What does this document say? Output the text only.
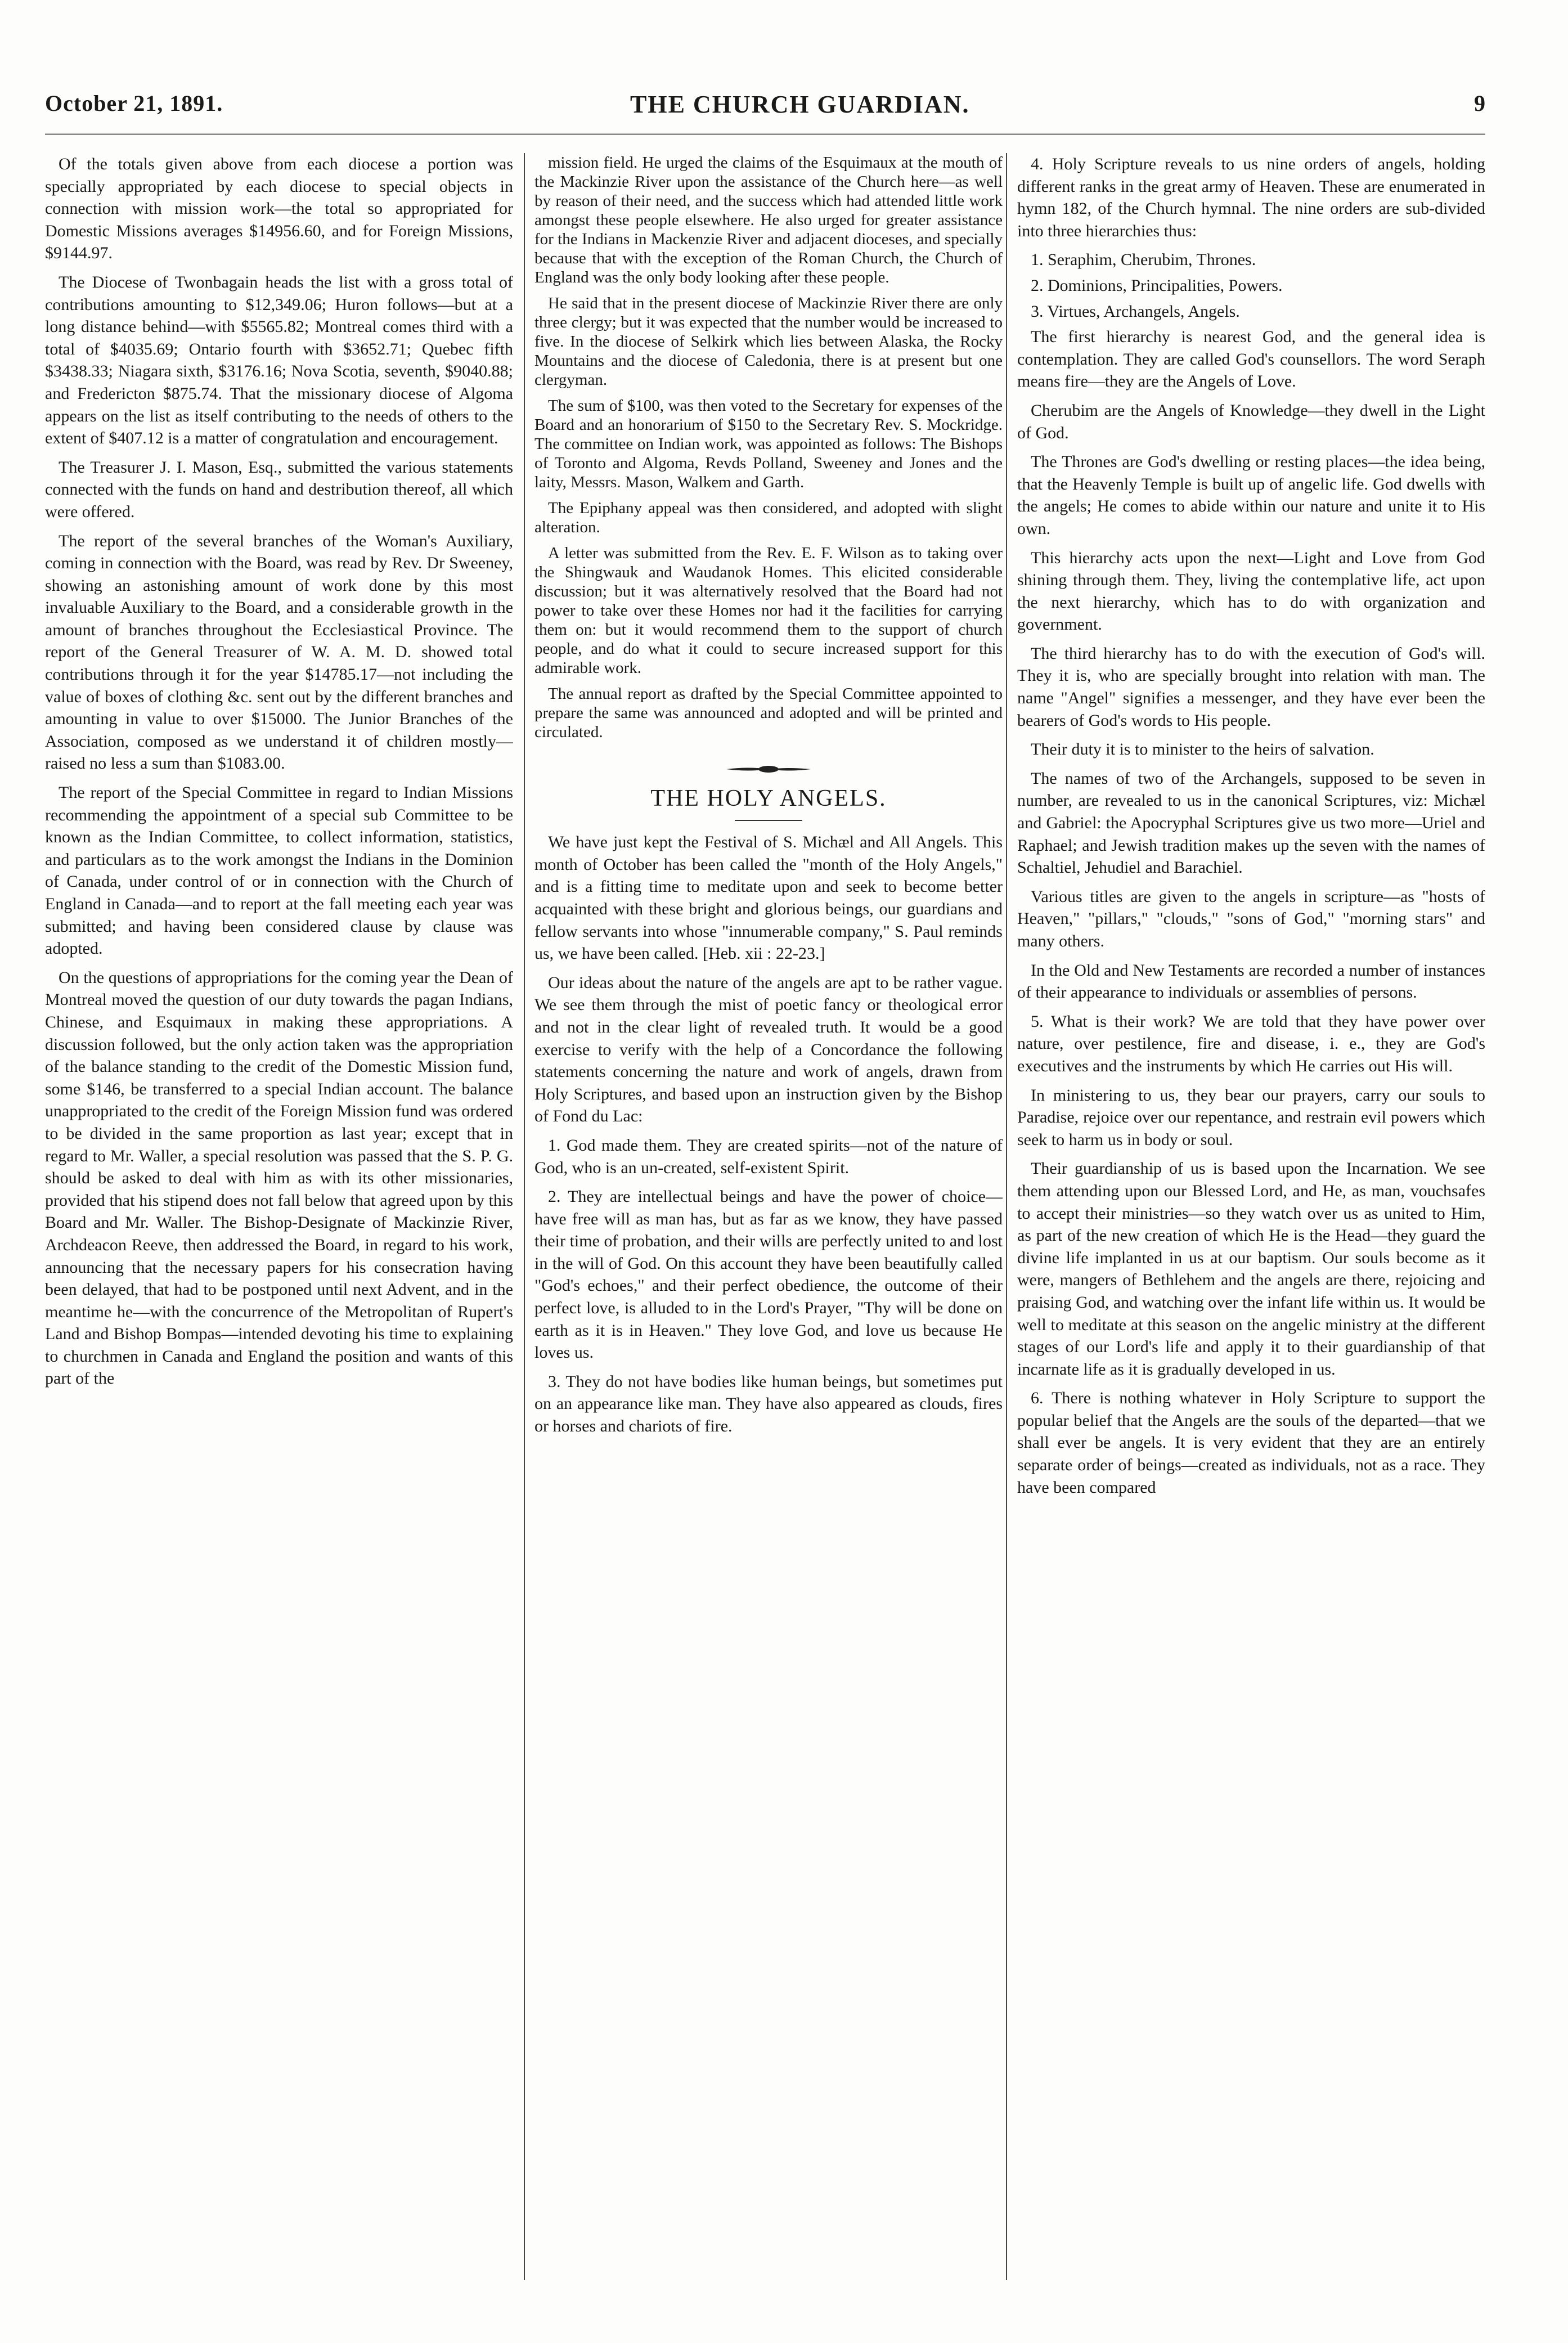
October 21, 1891.	THE CHURCH GUARDIAN.	9

Of the totals given above from each diocese a portion was specially appropriated by each diocese to special objects in connection with mission work—the total so appropriated for Domestic Missions averages $14956.60, and for Foreign Missions, $9144.97.

The Diocese of Twonbagain heads the list with a gross total of contributions amounting to $12,349.06; Huron follows—but at a long distance behind—with $5565.82; Montreal comes third with a total of $4035.69; Ontario fourth with $3652.71; Quebec fifth $3438.33; Niagara sixth, $3176.16; Nova Scotia, seventh, $9040.88; and Fredericton $875.74. That the missionary diocese of Algoma appears on the list as itself contributing to the needs of others to the extent of $407.12 is a matter of congratulation and encouragement.

The Treasurer J. I. Mason, Esq., submitted the various statements connected with the funds on hand and destribution thereof, all which were offered.

The report of the several branches of the Woman's Auxiliary, coming in connection with the Board, was read by Rev. Dr Sweeney, showing an astonishing amount of work done by this most invaluable Auxiliary to the Board, and a considerable growth in the amount of branches throughout the Ecclesiastical Province. The report of the General Treasurer of W. A. M. D. showed total contributions through it for the year $14785.17—not including the value of boxes of clothing &c. sent out by the different branches and amounting in value to over $15000. The Junior Branches of the Association, composed as we understand it of children mostly—raised no less a sum than $1083.00.

The report of the Special Committee in regard to Indian Missions recommending the appointment of a special sub Committee to be known as the Indian Committee, to collect information, statistics, and particulars as to the work amongst the Indians in the Dominion of Canada, under control of or in connection with the Church of England in Canada—and to report at the fall meeting each year was submitted; and having been considered clause by clause was adopted.

On the questions of appropriations for the coming year the Dean of Montreal moved the question of our duty towards the pagan Indians, Chinese, and Esquimaux in making these appropriations. A discussion followed, but the only action taken was the appropriation of the balance standing to the credit of the Domestic Mission fund, some $146, be transferred to a special Indian account. The balance unappropriated to the credit of the Foreign Mission fund was ordered to be divided in the same proportion as last year; except that in regard to Mr. Waller, a special resolution was passed that the S. P. G. should be asked to deal with him as with its other missionaries, provided that his stipend does not fall below that agreed upon by this Board and Mr. Waller. The Bishop-Designate of Mackinzie River, Archdeacon Reeve, then addressed the Board, in regard to his work, announcing that the necessary papers for his consecration having been delayed, that had to be postponed until next Advent, and in the meantime he—with the concurrence of the Metropolitan of Rupert's Land and Bishop Bompas—intended devoting his time to explaining to churchmen in Canada and England the position and wants of this part of the

mission field. He urged the claims of the Esquimaux at the mouth of the Mackinzie River upon the assistance of the Church here—as well by reason of their need, and the success which had attended little work amongst these people elsewhere. He also urged for greater assistance for the Indians in Mackenzie River and adjacent dioceses, and specially because that with the exception of the Roman Church, the Church of England was the only body looking after these people.

He said that in the present diocese of Mackinzie River there are only three clergy; but it was expected that the number would be increased to five. In the diocese of Selkirk which lies between Alaska, the Rocky Mountains and the diocese of Caledonia, there is at present but one clergyman.

The sum of $100, was then voted to the Secretary for expenses of the Board and an honorarium of $150 to the Secretary Rev. S. Mockridge. The committee on Indian work, was appointed as follows: The Bishops of Toronto and Algoma, Revds Polland, Sweeney and Jones and the laity, Messrs. Mason, Walkem and Garth.

The Epiphany appeal was then considered, and adopted with slight alteration.

A letter was submitted from the Rev. E. F. Wilson as to taking over the Shingwauk and Waudanok Homes. This elicited considerable discussion; but it was alternatively resolved that the Board had not power to take over these Homes nor had it the facilities for carrying them on: but it would recommend them to the support of church people, and do what it could to secure increased support for this admirable work.

The annual report as drafted by the Special Committee appointed to prepare the same was announced and adopted and will be printed and circulated.

THE HOLY ANGELS.

We have just kept the Festival of S. Michæl and All Angels. This month of October has been called the "month of the Holy Angels," and is a fitting time to meditate upon and seek to become better acquainted with these bright and glorious beings, our guardians and fellow servants into whose "innumerable company," S. Paul reminds us, we have been called. [Heb. xii : 22-23.]

Our ideas about the nature of the angels are apt to be rather vague. We see them through the mist of poetic fancy or theological error and not in the clear light of revealed truth. It would be a good exercise to verify with the help of a Concordance the following statements concerning the nature and work of angels, drawn from Holy Scriptures, and based upon an instruction given by the Bishop of Fond du Lac:

1. God made them. They are created spirits—not of the nature of God, who is an un-created, self-existent Spirit.

2. They are intellectual beings and have the power of choice—have free will as man has, but as far as we know, they have passed their time of probation, and their wills are perfectly united to and lost in the will of God. On this account they have been beautifully called "God's echoes," and their perfect obedience, the outcome of their perfect love, is alluded to in the Lord's Prayer, "Thy will be done on earth as it is in Heaven." They love God, and love us because He loves us.

3. They do not have bodies like human beings, but sometimes put on an appearance like man. They have also appeared as clouds, fires or horses and chariots of fire.

4. Holy Scripture reveals to us nine orders of angels, holding different ranks in the great army of Heaven. These are enumerated in hymn 182, of the Church hymnal. The nine orders are sub-divided into three hierarchies thus:

1. Seraphim, Cherubim, Thrones.

2. Dominions, Principalities, Powers.

3. Virtues, Archangels, Angels.

The first hierarchy is nearest God, and the general idea is contemplation. They are called God's counsellors. The word Seraph means fire—they are the Angels of Love.

Cherubim are the Angels of Knowledge—they dwell in the Light of God.

The Thrones are God's dwelling or resting places—the idea being, that the Heavenly Temple is built up of angelic life. God dwells with the angels; He comes to abide within our nature and unite it to His own.

This hierarchy acts upon the next—Light and Love from God shining through them. They, living the contemplative life, act upon the next hierarchy, which has to do with organization and government.

The third hierarchy has to do with the execution of God's will. They it is, who are specially brought into relation with man. The name "Angel" signifies a messenger, and they have ever been the bearers of God's words to His people.

Their duty it is to minister to the heirs of salvation.

The names of two of the Archangels, supposed to be seven in number, are revealed to us in the canonical Scriptures, viz: Michæl and Gabriel: the Apocryphal Scriptures give us two more—Uriel and Raphael; and Jewish tradition makes up the seven with the names of Schaltiel, Jehudiel and Barachiel.

Various titles are given to the angels in scripture—as "hosts of Heaven," "pillars," "clouds," "sons of God," "morning stars" and many others.

In the Old and New Testaments are recorded a number of instances of their appearance to individuals or assemblies of persons.

5. What is their work? We are told that they have power over nature, over pestilence, fire and disease, i. e., they are God's executives and the instruments by which He carries out His will.

In ministering to us, they bear our prayers, carry our souls to Paradise, rejoice over our repentance, and restrain evil powers which seek to harm us in body or soul.

Their guardianship of us is based upon the Incarnation. We see them attending upon our Blessed Lord, and He, as man, vouchsafes to accept their ministries—so they watch over us as united to Him, as part of the new creation of which He is the Head—they guard the divine life implanted in us at our baptism. Our souls become as it were, mangers of Bethlehem and the angels are there, rejoicing and praising God, and watching over the infant life within us. It would be well to meditate at this season on the angelic ministry at the different stages of our Lord's life and apply it to their guardianship of that incarnate life as it is gradually developed in us.

6. There is nothing whatever in Holy Scripture to support the popular belief that the Angels are the souls of the departed—that we shall ever be angels. It is very evident that they are an entirely separate order of beings—created as individuals, not as a race. They have been compared
